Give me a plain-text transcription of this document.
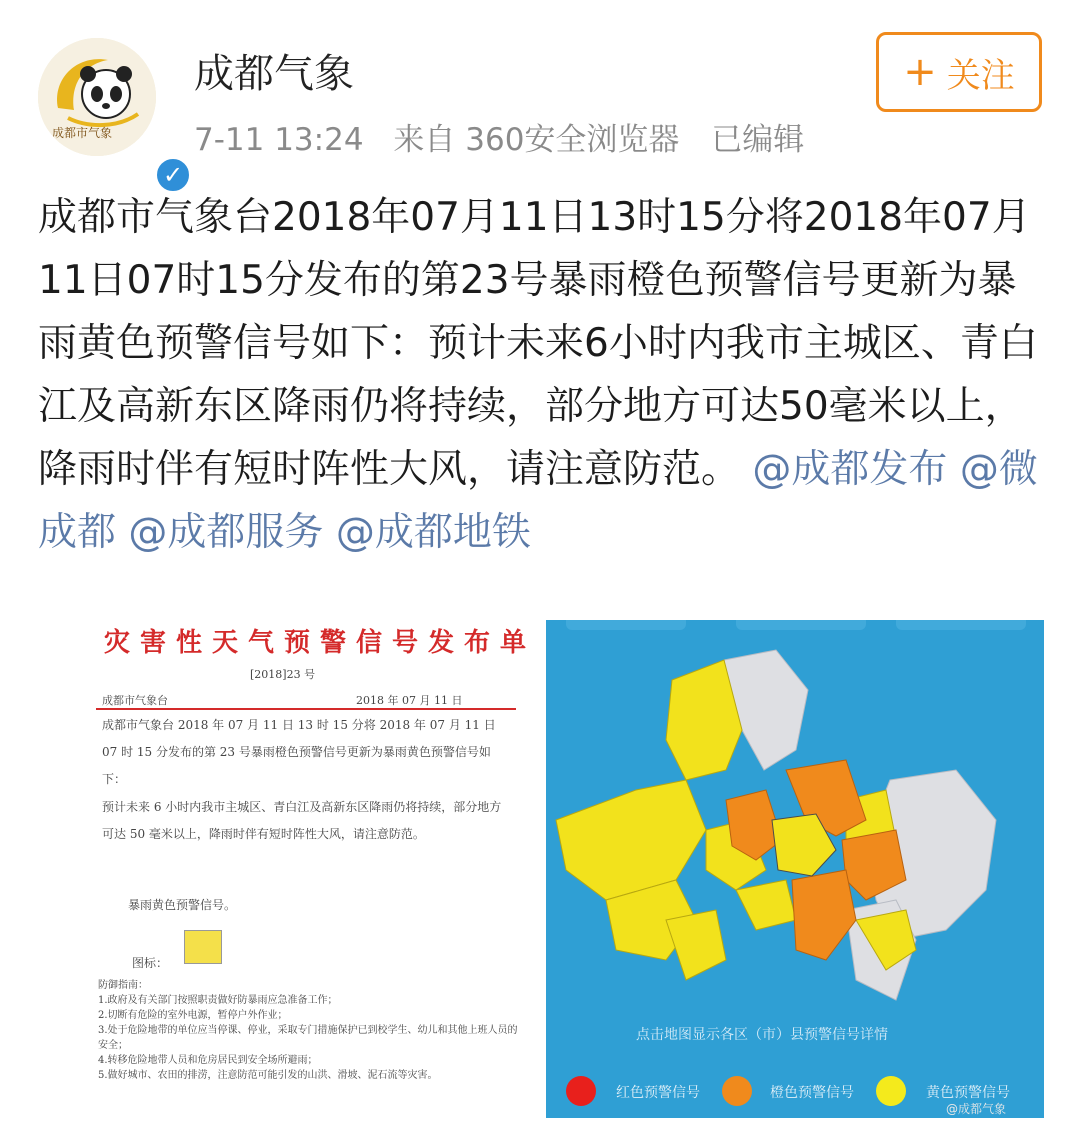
成都市气象
✓
成都气象
7-11 13:24 来自 360安全浏览器 已编辑
+ 关注
成都市气象台2018年07月11日13时15分将2018年07月11日07时15分发布的第23号暴雨橙色预警信号更新为暴雨黄色预警信号如下：预计未来6小时内我市主城区、青白江及高新东区降雨仍将持续，部分地方可达50毫米以上，降雨时伴有短时阵性大风，请注意防范。 @成都发布 @微成都 @成都服务 @成都地铁
灾害性天气预警信号发布单
[2018]23 号
成都市气象台	2018 年 07 月 11 日
成都市气象台 2018 年 07 月 11 日 13 时 15 分将 2018 年 07 月 11 日 07 时 15 分发布的第 23 号暴雨橙色预警信号更新为暴雨黄色预警信号如下：
预计未来 6 小时内我市主城区、青白江及高新东区降雨仍将持续，部分地方可达 50 毫米以上，降雨时伴有短时阵性大风，请注意防范。
暴雨黄色预警信号。
图标：
防御指南：
1.政府及有关部门按照职责做好防暴雨应急准备工作；
2.切断有危险的室外电源，暂停户外作业；
3.处于危险地带的单位应当停课、停业，采取专门措施保护已到校学生、幼儿和其他上班人员的安全；
4.转移危险地带人员和危房居民到安全场所避雨；
5.做好城市、农田的排涝，注意防范可能引发的山洪、滑坡、泥石流等灾害。
点击地图显示各区（市）县预警信号详情
红色预警信号	橙色预警信号	黄色预警信号
@成都气象
